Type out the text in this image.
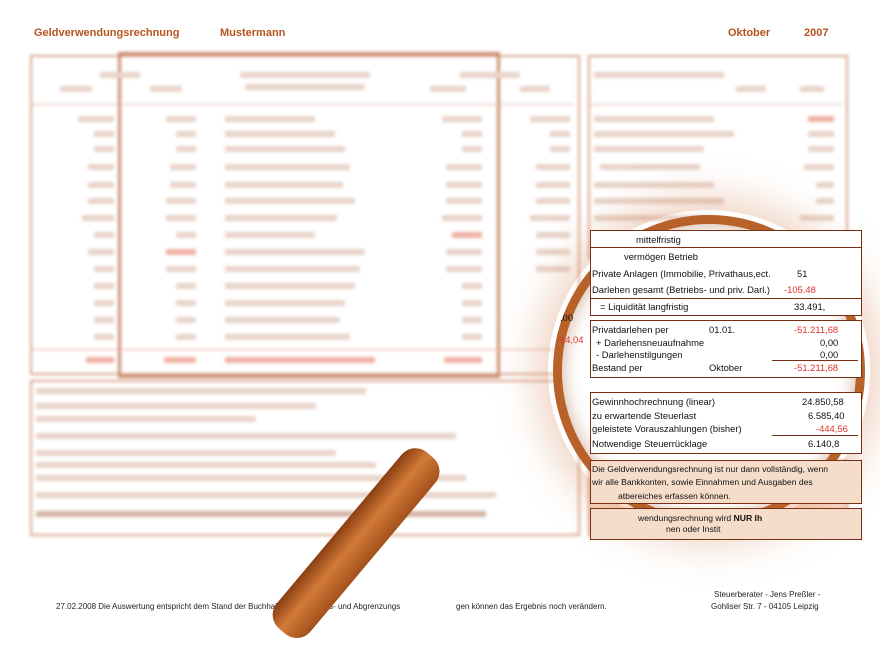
Geldverwendungsrechnung	Mustermann	Oktober	2007
27.02.2008 Die Auswertung entspricht dem Stand der Buchhaltung. Abschluss- und Abgrenzungs	gen können das Ergebnis noch verändern.
Steuerberater - Jens Preßler -
Gohliser Str. 7 - 04105 Leipzig
14,04
,00
mittelfristig
vermögen Betrieb
Private Anlagen (Immobilie, Privathaus,ect.	51
Darlehen gesamt (Betriebs- und priv. Darl.) -105.48
= Liquidität langfristig	33.491,
Privatdarlehen per	01.01.	-51.211,68
+ Darlehensneuaufnahme	0,00
- Darlehenstilgungen	0,00
Bestand per	Oktober	-51.211,68
Gewinnhochrechnung (linear)	24.850,58
zu erwartende Steuerlast	6.585,40
geleistete Vorauszahlungen (bisher)	-444,56
Notwendige Steuerrücklage	6.140,8
Die Geldverwendungsrechnung ist nur dann vollständig, wenn
wir alle Bankkonten, sowie Einnahmen und Ausgaben des
atbereiches erfassen können.
wendungsrechnung wird NUR Ih
nen oder Instit
